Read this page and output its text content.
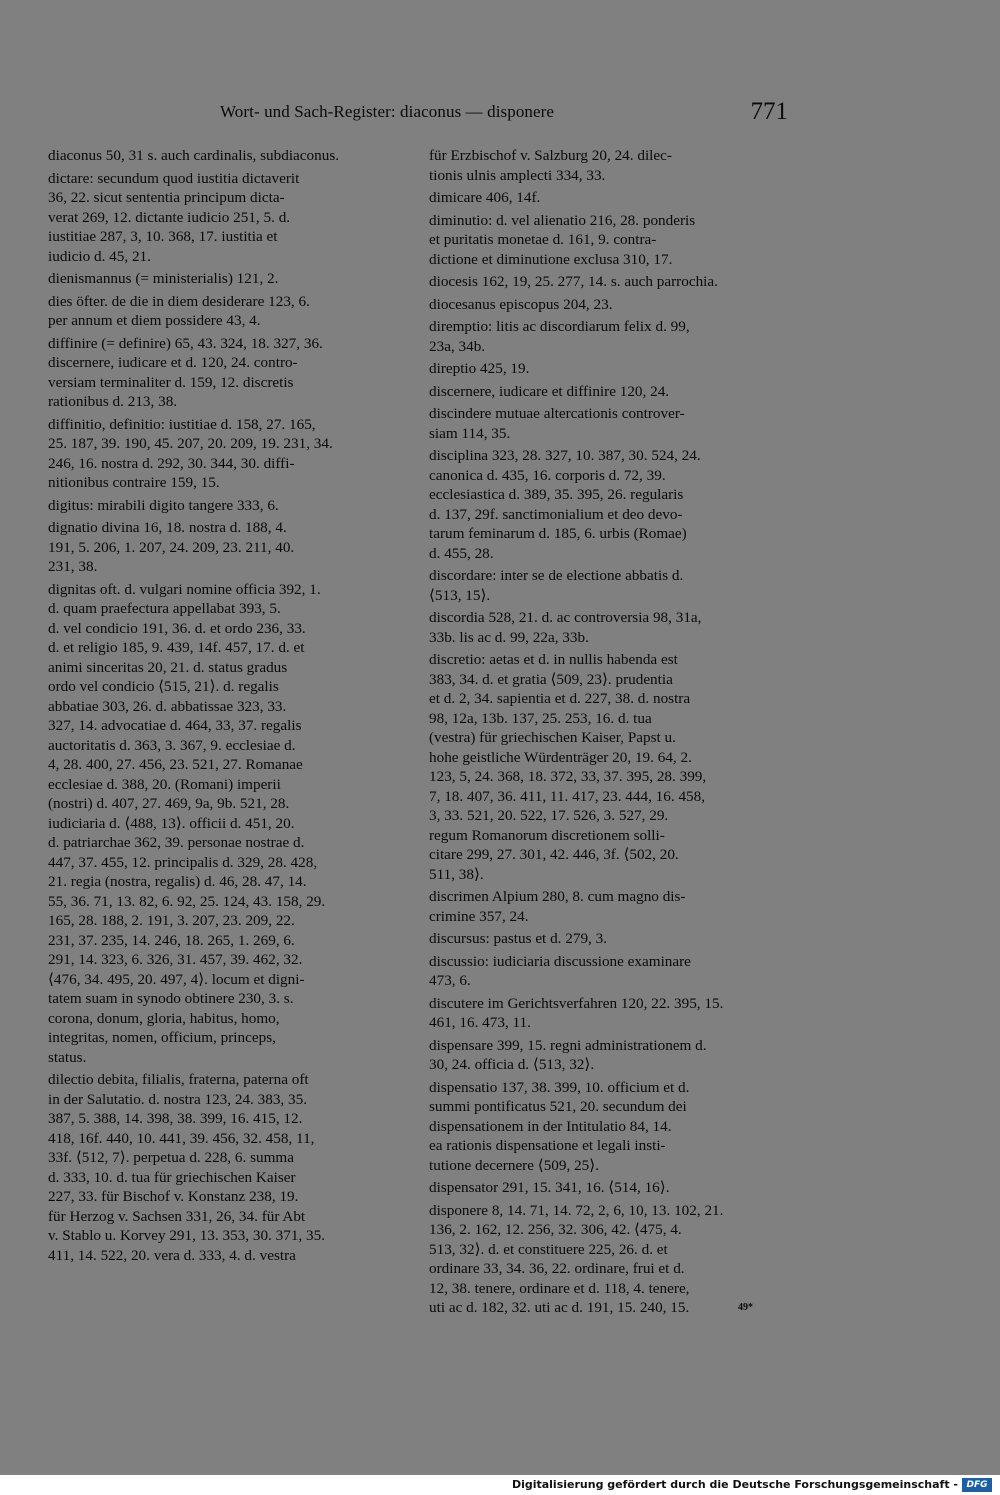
Wort- und Sach-Register: diaconus — disponere	771
diaconus 50, 31 s. auch cardinalis, subdiaconus.
dictare: secundum quod iustitia dictaverit
36, 22. sicut sententia principum dicta-
verat 269, 12. dictante iudicio 251, 5. d.
iustitiae 287, 3, 10. 368, 17. iustitia et
iudicio d. 45, 21.
dienismannus (= ministerialis) 121, 2.
dies öfter. de die in diem desiderare 123, 6.
per annum et diem possidere 43, 4.
diffinire (= definire) 65, 43. 324, 18. 327, 36.
discernere, iudicare et d. 120, 24. contro-
versiam terminaliter d. 159, 12. discretis
rationibus d. 213, 38.
diffinitio, definitio: iustitiae d. 158, 27. 165,
25. 187, 39. 190, 45. 207, 20. 209, 19. 231, 34.
246, 16. nostra d. 292, 30. 344, 30. diffi-
nitionibus contraire 159, 15.
digitus: mirabili digito tangere 333, 6.
dignatio divina 16, 18. nostra d. 188, 4.
191, 5. 206, 1. 207, 24. 209, 23. 211, 40.
231, 38.
dignitas oft. d. vulgari nomine officia 392, 1.
d. quam praefectura appellabat 393, 5.
d. vel condicio 191, 36. d. et ordo 236, 33.
d. et religio 185, 9. 439, 14f. 457, 17. d. et
animi sinceritas 20, 21. d. status gradus
ordo vel condicio ⟨515, 21⟩. d. regalis
abbatiae 303, 26. d. abbatissae 323, 33.
327, 14. advocatiae d. 464, 33, 37. regalis
auctoritatis d. 363, 3. 367, 9. ecclesiae d.
4, 28. 400, 27. 456, 23. 521, 27. Romanae
ecclesiae d. 388, 20. (Romani) imperii
(nostri) d. 407, 27. 469, 9a, 9b. 521, 28.
iudiciaria d. ⟨488, 13⟩. officii d. 451, 20.
d. patriarchae 362, 39. personae nostrae d.
447, 37. 455, 12. principalis d. 329, 28. 428,
21. regia (nostra, regalis) d. 46, 28. 47, 14.
55, 36. 71, 13. 82, 6. 92, 25. 124, 43. 158, 29.
165, 28. 188, 2. 191, 3. 207, 23. 209, 22.
231, 37. 235, 14. 246, 18. 265, 1. 269, 6.
291, 14. 323, 6. 326, 31. 457, 39. 462, 32.
⟨476, 34. 495, 20. 497, 4⟩. locum et digni-
tatem suam in synodo obtinere 230, 3. s.
corona, donum, gloria, habitus, homo,
integritas, nomen, officium, princeps,
status.
dilectio debita, filialis, fraterna, paterna oft
in der Salutatio. d. nostra 123, 24. 383, 35.
387, 5. 388, 14. 398, 38. 399, 16. 415, 12.
418, 16f. 440, 10. 441, 39. 456, 32. 458, 11,
33f. ⟨512, 7⟩. perpetua d. 228, 6. summa
d. 333, 10. d. tua für griechischen Kaiser
227, 33. für Bischof v. Konstanz 238, 19.
für Herzog v. Sachsen 331, 26, 34. für Abt
v. Stablo u. Korvey 291, 13. 353, 30. 371, 35.
411, 14. 522, 20. vera d. 333, 4. d. vestra
für Erzbischof v. Salzburg 20, 24. dilec-
tionis ulnis amplecti 334, 33.
dimicare 406, 14f.
diminutio: d. vel alienatio 216, 28. ponderis
et puritatis monetae d. 161, 9. contra-
dictione et diminutione exclusa 310, 17.
diocesis 162, 19, 25. 277, 14. s. auch parrochia.
diocesanus episcopus 204, 23.
diremptio: litis ac discordiarum felix d. 99,
23a, 34b.
direptio 425, 19.
discernere, iudicare et diffinire 120, 24.
discindere mutuae altercationis controver-
siam 114, 35.
disciplina 323, 28. 327, 10. 387, 30. 524, 24.
canonica d. 435, 16. corporis d. 72, 39.
ecclesiastica d. 389, 35. 395, 26. regularis
d. 137, 29f. sanctimonialium et deo devo-
tarum feminarum d. 185, 6. urbis (Romae)
d. 455, 28.
discordare: inter se de electione abbatis d.
⟨513, 15⟩.
discordia 528, 21. d. ac controversia 98, 31a,
33b. lis ac d. 99, 22a, 33b.
discretio: aetas et d. in nullis habenda est
383, 34. d. et gratia ⟨509, 23⟩. prudentia
et d. 2, 34. sapientia et d. 227, 38. d. nostra
98, 12a, 13b. 137, 25. 253, 16. d. tua
(vestra) für griechischen Kaiser, Papst u.
hohe geistliche Würdenträger 20, 19. 64, 2.
123, 5, 24. 368, 18. 372, 33, 37. 395, 28. 399,
7, 18. 407, 36. 411, 11. 417, 23. 444, 16. 458,
3, 33. 521, 20. 522, 17. 526, 3. 527, 29.
regum Romanorum discretionem solli-
citare 299, 27. 301, 42. 446, 3f. ⟨502, 20.
511, 38⟩.
discrimen Alpium 280, 8. cum magno dis-
crimine 357, 24.
discursus: pastus et d. 279, 3.
discussio: iudiciaria discussione examinare
473, 6.
discutere im Gerichtsverfahren 120, 22. 395, 15.
461, 16. 473, 11.
dispensare 399, 15. regni administrationem d.
30, 24. officia d. ⟨513, 32⟩.
dispensatio 137, 38. 399, 10. officium et d.
summi pontificatus 521, 20. secundum dei
dispensationem in der Intitulatio 84, 14.
ea rationis dispensatione et legali insti-
tutione decernere ⟨509, 25⟩.
dispensator 291, 15. 341, 16. ⟨514, 16⟩.
disponere 8, 14. 71, 14. 72, 2, 6, 10, 13. 102, 21.
136, 2. 162, 12. 256, 32. 306, 42. ⟨475, 4.
513, 32⟩. d. et constituere 225, 26. d. et
ordinare 33, 34. 36, 22. ordinare, frui et d.
12, 38. tenere, ordinare et d. 118, 4. tenere,
uti ac d. 182, 32. uti ac d. 191, 15. 240, 15.	49*
Digitalisierung gefördert durch die Deutsche Forschungsgemeinschaft - DFG
